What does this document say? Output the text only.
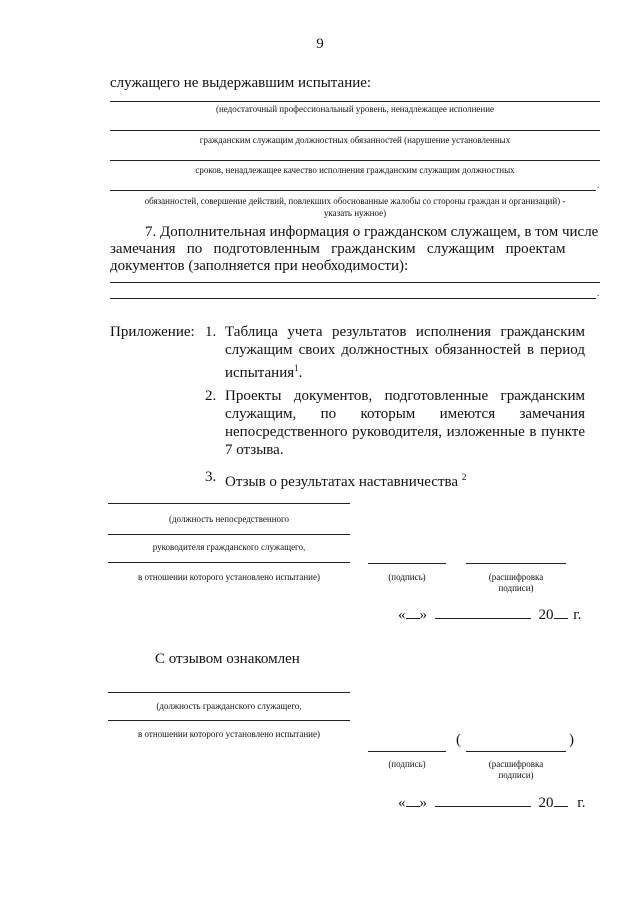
9
служащего не выдержавшим испытание:
(недостаточный профессиональный уровень, ненадлежащее исполнение
гражданским служащим должностных обязанностей (нарушение установленных
сроков, ненадлежащее качество исполнения гражданским служащим должностных
.
обязанностей, совершение действий, повлекших обоснованные жалобы со стороны граждан и организаций) -
указать нужное)
7. Дополнительная информация о гражданском служащем, в том числе
замечания   по   подготовленным   гражданским   служащим   проектам
документов (заполняется при необходимости):
.
Приложение: 1. Таблица учета результатов исполнения гражданским служащим своих должностных обязанностей в период испытания$^1$.
2. Проекты документов, подготовленные гражданским служащим, по которым имеются замечания непосредственного руководителя, изложенные в пункте 7 отзыва.
3. Отзыв о результатах наставничества $^2$
(должность непосредственного
руководителя гражданского служащего,
в отношении которого установлено испытание)	(подпись)	(расшифровка
подписи)
« »	20 г.
С отзывом ознакомлен
(должность гражданского служащего,
в отношении которого установлено испытание)	(	)
(подпись)	(расшифровка
подписи)
« »	20 г.
